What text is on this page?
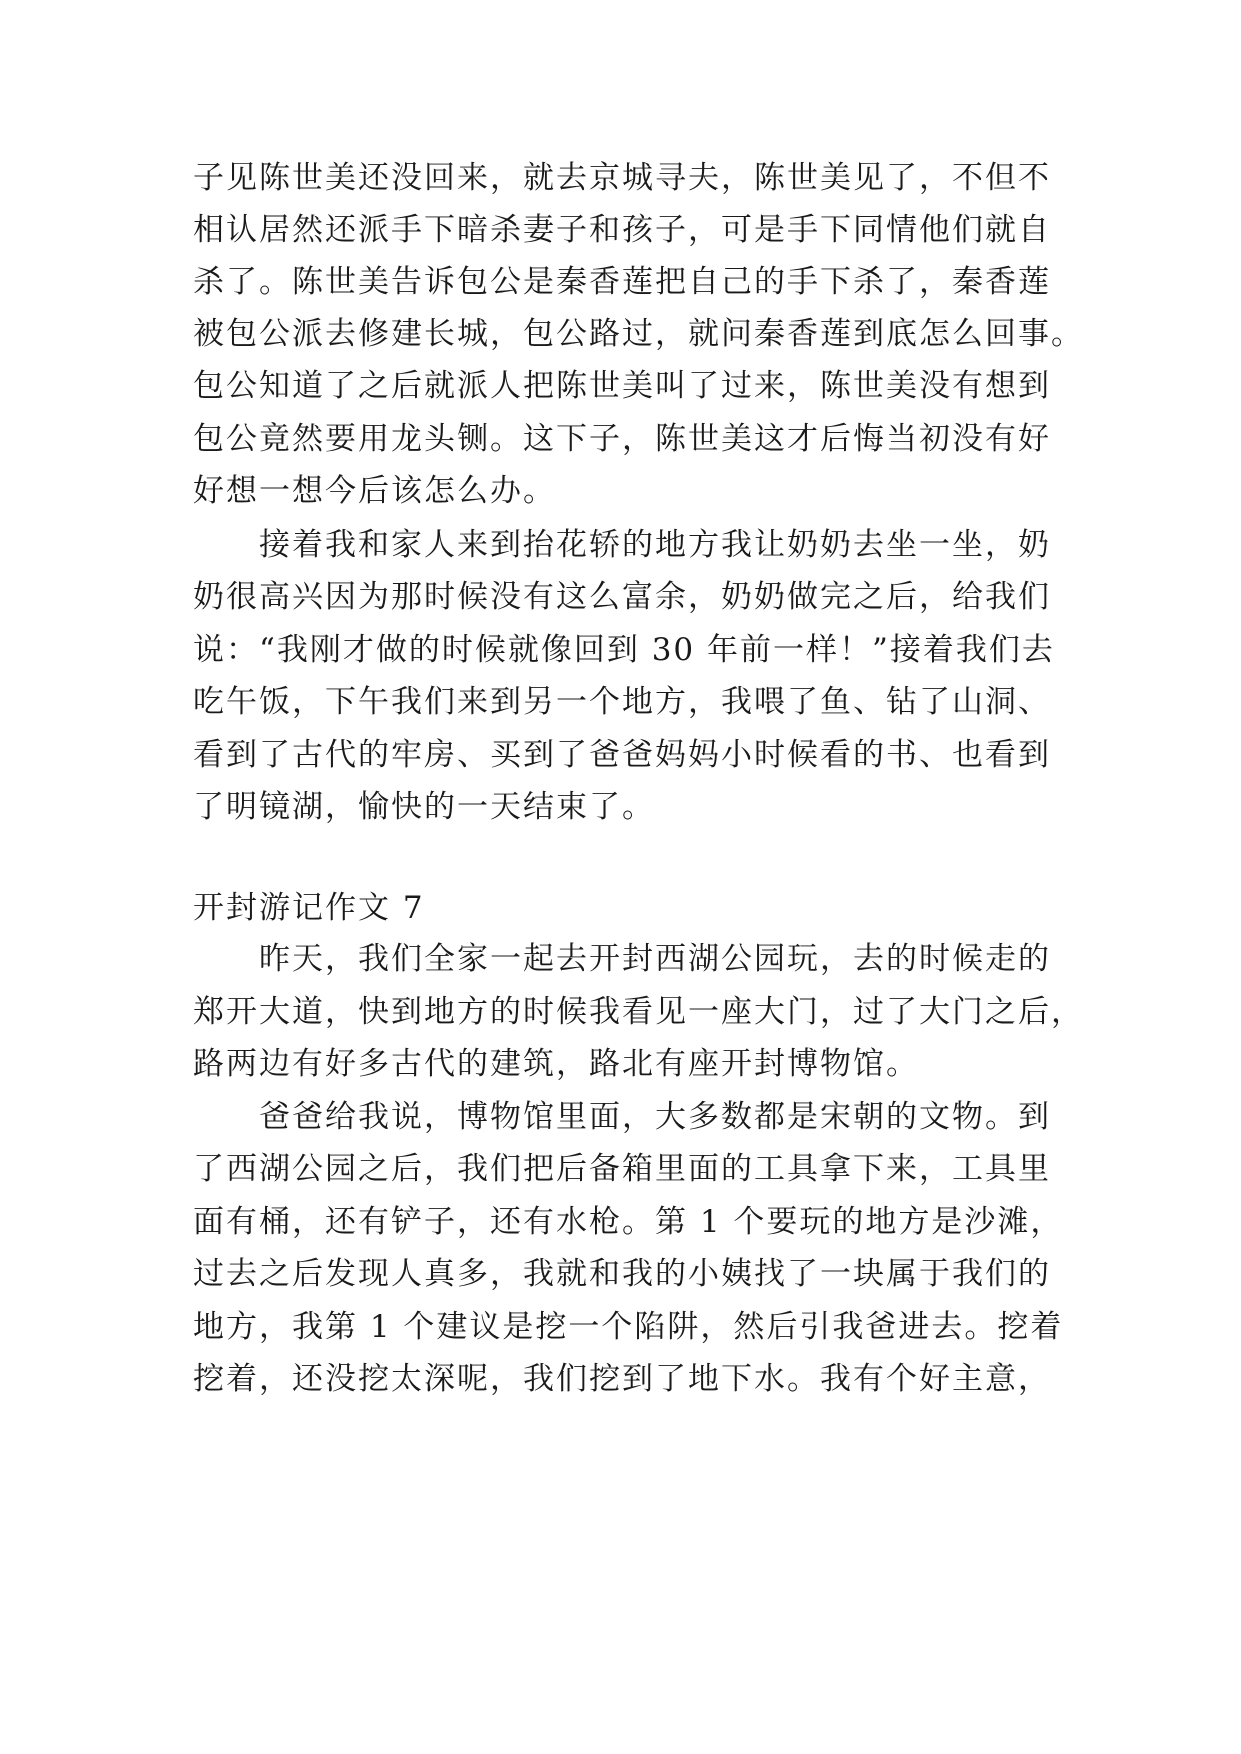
子见陈世美还没回来，就去京城寻夫，陈世美见了，不但不
相认居然还派手下暗杀妻子和孩子，可是手下同情他们就自
杀了。陈世美告诉包公是秦香莲把自己的手下杀了，秦香莲
被包公派去修建长城，包公路过，就问秦香莲到底怎么回事。
包公知道了之后就派人把陈世美叫了过来，陈世美没有想到
包公竟然要用龙头铡。这下子，陈世美这才后悔当初没有好
好想一想今后该怎么办。
　　接着我和家人来到抬花轿的地方我让奶奶去坐一坐，奶
奶很高兴因为那时候没有这么富余，奶奶做完之后，给我们
说：“我刚才做的时候就像回到 30 年前一样！”接着我们去
吃午饭，下午我们来到另一个地方，我喂了鱼、钻了山洞、
看到了古代的牢房、买到了爸爸妈妈小时候看的书、也看到
了明镜湖，愉快的一天结束了。
开封游记作文 7
　　昨天，我们全家一起去开封西湖公园玩，去的时候走的
郑开大道，快到地方的时候我看见一座大门，过了大门之后，
路两边有好多古代的建筑，路北有座开封博物馆。
　　爸爸给我说，博物馆里面，大多数都是宋朝的文物。到
了西湖公园之后，我们把后备箱里面的工具拿下来，工具里
面有桶，还有铲子，还有水枪。第 1 个要玩的地方是沙滩，
过去之后发现人真多，我就和我的小姨找了一块属于我们的
地方，我第 1 个建议是挖一个陷阱，然后引我爸进去。挖着
挖着，还没挖太深呢，我们挖到了地下水。我有个好主意，
